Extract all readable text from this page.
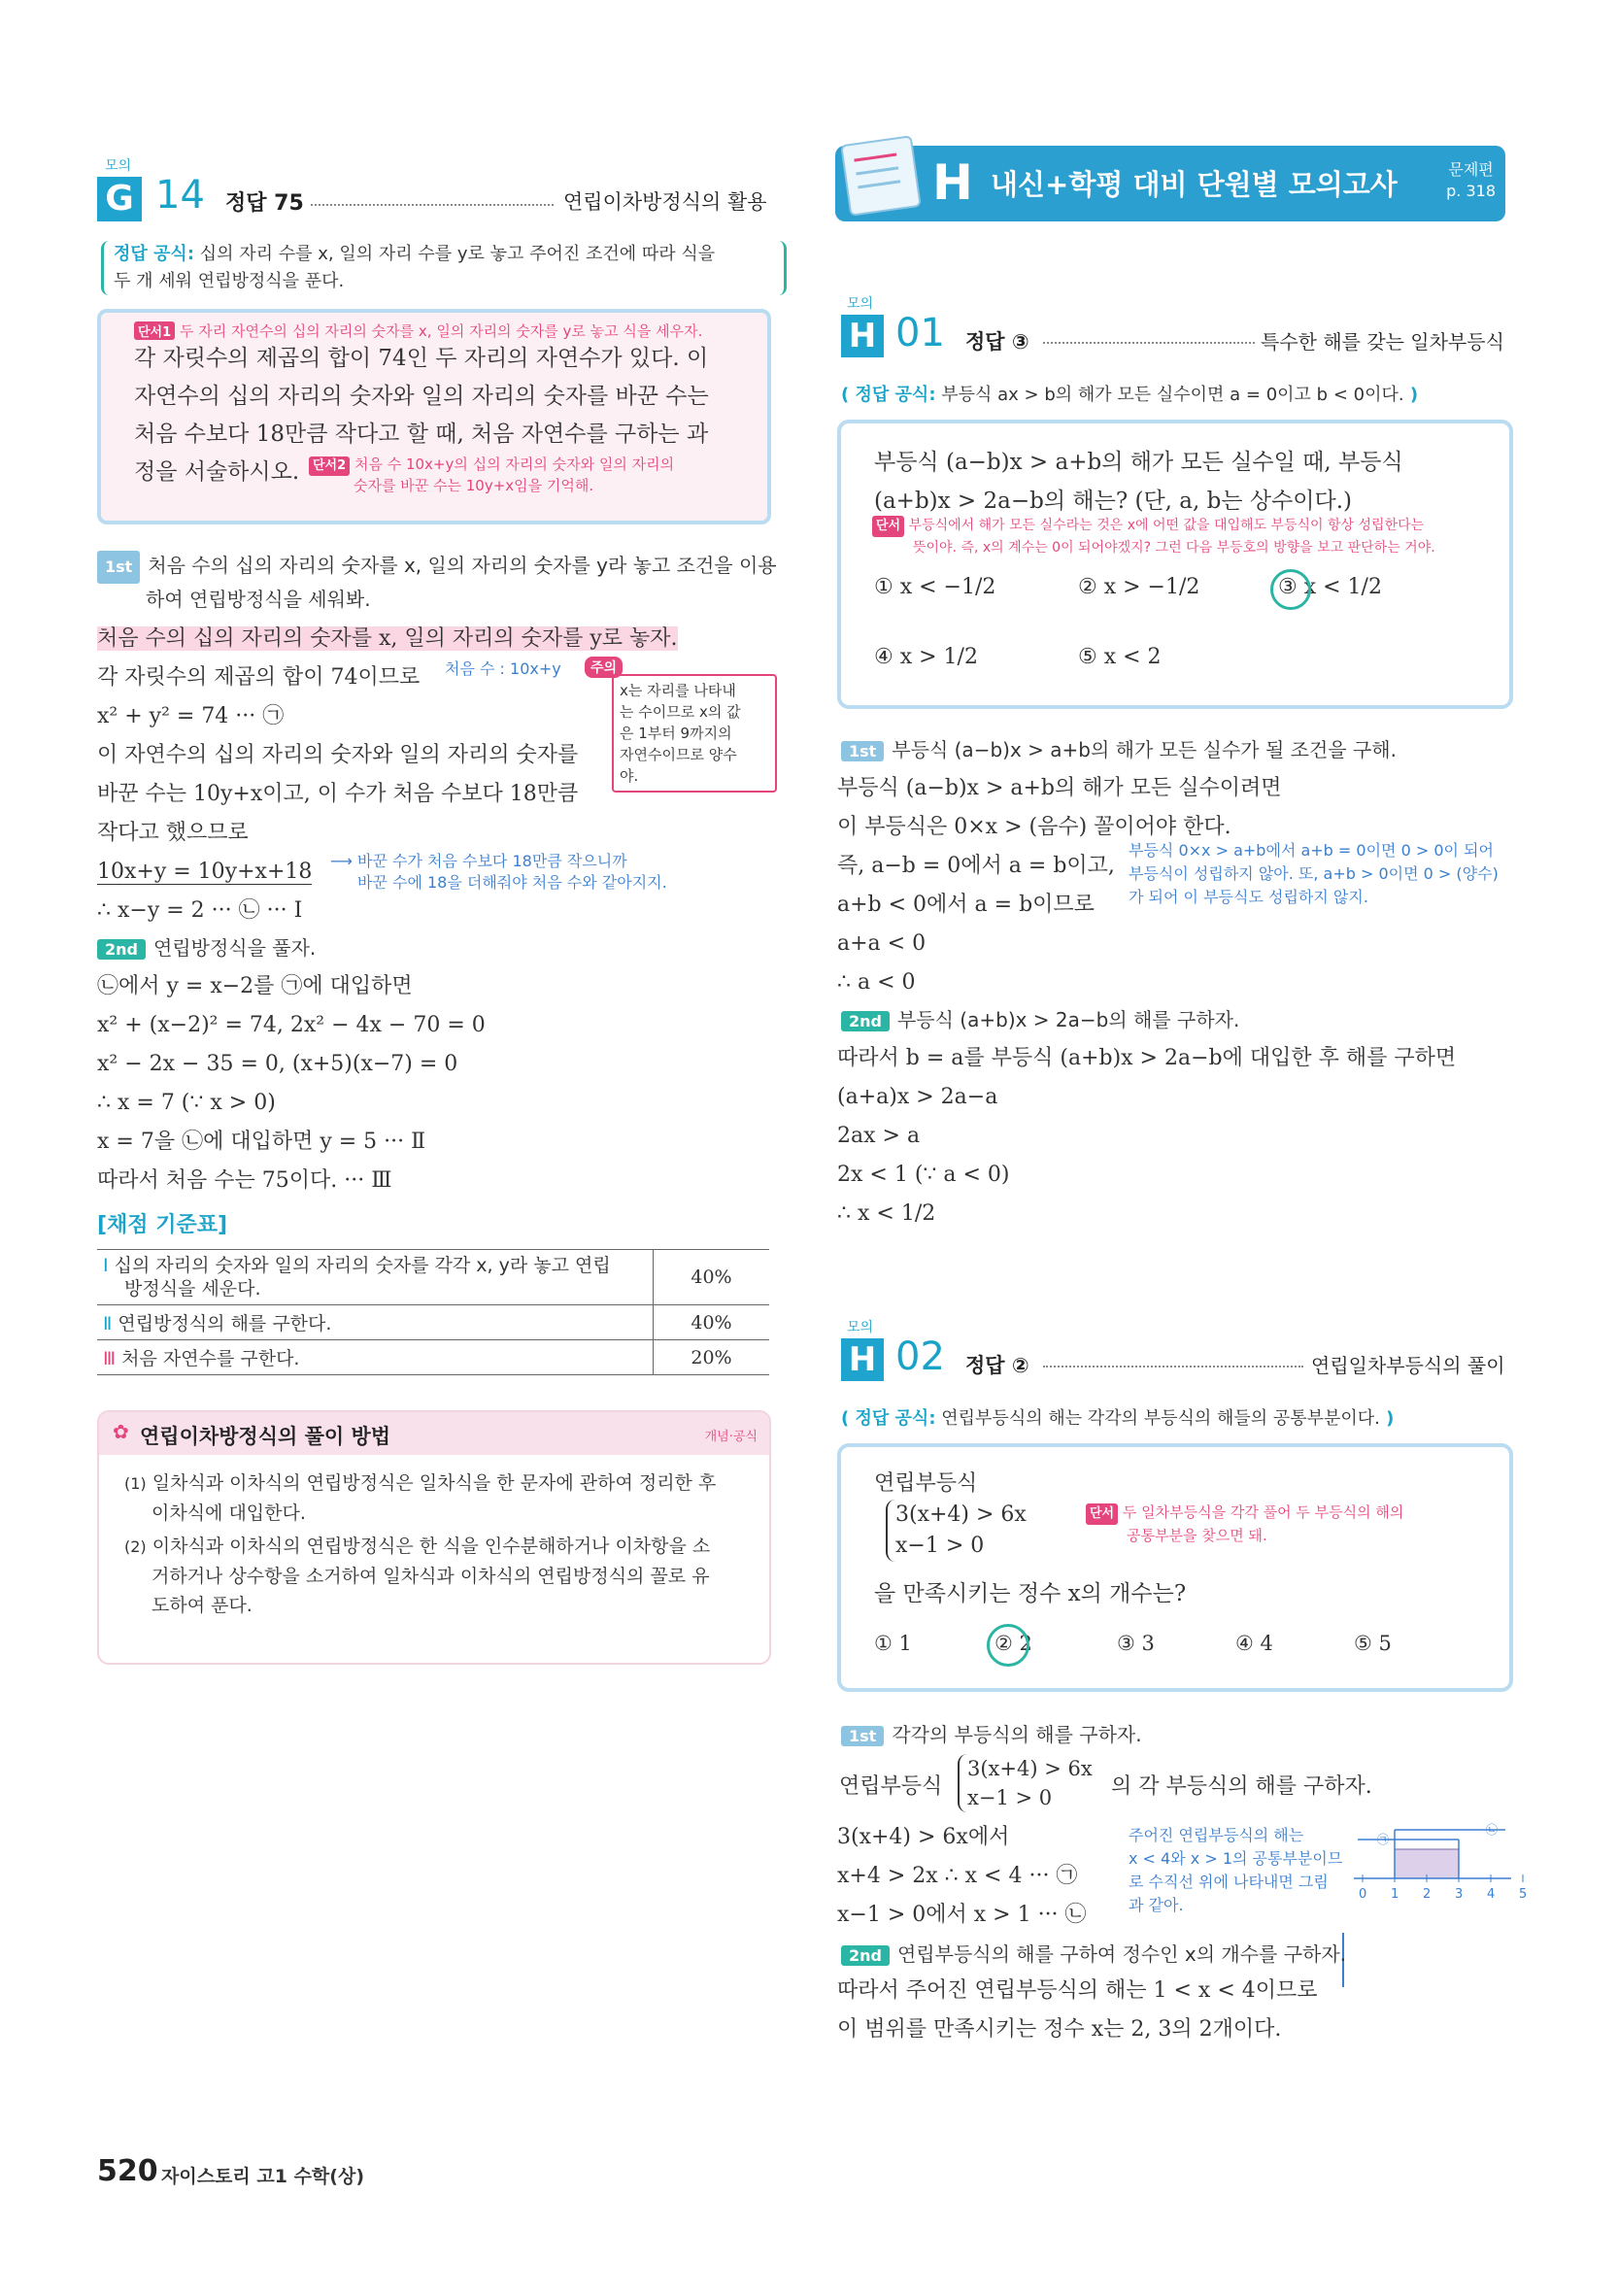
모의
G 14 정답 75	연립이차방정식의 활용
정답 공식: 십의 자리 수를 x, 일의 자리 수를 y로 놓고 주어진 조건에 따라 식을
두 개 세워 연립방정식을 푼다.
단서1 두 자리 자연수의 십의 자리의 숫자를 x, 일의 자리의 숫자를 y로 놓고 식을 세우자.
각 자릿수의 제곱의 합이 74인 두 자리의 자연수가 있다. 이
자연수의 십의 자리의 숫자와 일의 자리의 숫자를 바꾼 수는
처음 수보다 18만큼 작다고 할 때, 처음 자연수를 구하는 과
정을 서술하시오.	단서2 처음 수 10x+y의 십의 자리의 숫자와 일의 자리의
숫자를 바꾼 수는 10y+x임을 기억해.
1st 처음 수의 십의 자리의 숫자를 x, 일의 자리의 숫자를 y라 놓고 조건을 이용
하여 연립방정식을 세워봐.
처음 수의 십의 자리의 숫자를 x, 일의 자리의 숫자를 y로 놓자.
각 자릿수의 제곱의 합이 74이므로
x² + y² = 74 ··· ㉠
이 자연수의 십의 자리의 숫자와 일의 자리의 숫자를
바꾼 수는 10y+x이고, 이 수가 처음 수보다 18만큼
작다고 했으므로
10x+y = 10y+x+18
∴ x−y = 2 ··· ㉡ ··· Ⅰ
처음 수 : 10x+y	주의
x는 자리를 나타내
는 수이므로 x의 값
은 1부터 9까지의
자연수이므로 양수
야.
⟶ 바꾼 수가 처음 수보다 18만큼 작으니까
바꾼 수에 18을 더해줘야 처음 수와 같아지지.
2nd 연립방정식을 풀자.
㉡에서 y = x−2를 ㉠에 대입하면
x² + (x−2)² = 74, 2x² − 4x − 70 = 0
x² − 2x − 35 = 0, (x+5)(x−7) = 0
∴ x = 7 (∵ x > 0)
x = 7을 ㉡에 대입하면 y = 5 ··· Ⅱ
따라서 처음 수는 75이다. ··· Ⅲ
[채점 기준표]
Ⅰ 십의 자리의 숫자와 일의 자리의 숫자를 각각 x, y라 놓고 연립
방정식을 세운다.	40%
Ⅱ 연립방정식의 해를 구한다.	40%
Ⅲ 처음 자연수를 구한다.	20%
✿ 연립이차방정식의 풀이 방법	개념·공식
(1) 일차식과 이차식의 연립방정식은 일차식을 한 문자에 관하여 정리한 후
이차식에 대입한다.
(2) 이차식과 이차식의 연립방정식은 한 식을 인수분해하거나 이차항을 소
거하거나 상수항을 소거하여 일차식과 이차식의 연립방정식의 꼴로 유
도하여 푼다.
H 내신+학평 대비 단원별 모의고사	문제편
p. 318
모의
H 01 정답 ③	특수한 해를 갖는 일차부등식
( 정답 공식: 부등식 ax > b의 해가 모든 실수이면 a = 0이고 b < 0이다. )
부등식 (a−b)x > a+b의 해가 모든 실수일 때, 부등식
(a+b)x > 2a−b의 해는? (단, a, b는 상수이다.)
단서 부등식에서 해가 모든 실수라는 것은 x에 어떤 값을 대입해도 부등식이 항상 성립한다는
뜻이야. 즉, x의 계수는 0이 되어야겠지? 그런 다음 부등호의 방향을 보고 판단하는 거야.
① x < −1/2	② x > −1/2	③ x < 1/2
④ x > 1/2	⑤ x < 2
1st 부등식 (a−b)x > a+b의 해가 모든 실수가 될 조건을 구해.
부등식 (a−b)x > a+b의 해가 모든 실수이려면
이 부등식은 0×x > (음수) 꼴이어야 한다.
즉, a−b = 0에서 a = b이고,
a+b < 0에서 a = b이므로
a+a < 0
∴ a < 0
부등식 0×x > a+b에서 a+b = 0이면 0 > 0이 되어
부등식이 성립하지 않아. 또, a+b > 0이면 0 > (양수)
가 되어 이 부등식도 성립하지 않지.
2nd 부등식 (a+b)x > 2a−b의 해를 구하자.
따라서 b = a를 부등식 (a+b)x > 2a−b에 대입한 후 해를 구하면
(a+a)x > 2a−a
2ax > a
2x < 1 (∵ a < 0)
∴ x < 1/2
모의
H 02 정답 ②	연립일차부등식의 풀이
( 정답 공식: 연립부등식의 해는 각각의 부등식의 해들의 공통부분이다. )
연립부등식
3(x+4) > 6x
x−1 > 0
단서 두 일차부등식을 각각 풀어 두 부등식의 해의
공통부분을 찾으면 돼.
을 만족시키는 정수 x의 개수는?
① 1	② 2	③ 3	④ 4	⑤ 5
1st 각각의 부등식의 해를 구하자.
연립부등식
3(x+4) > 6x
x−1 > 0	의 각 부등식의 해를 구하자.
3(x+4) > 6x에서
x+4 > 2x ∴ x < 4 ··· ㉠
x−1 > 0에서 x > 1 ··· ㉡
주어진 연립부등식의 해는
x < 4와 x > 1의 공통부분이므
로 수직선 위에 나타내면 그림
과 같아.
0 1 2 3 4 5
㉠
㉡
2nd 연립부등식의 해를 구하여 정수인 x의 개수를 구하자.
따라서 주어진 연립부등식의 해는 1 < x < 4이므로
이 범위를 만족시키는 정수 x는 2, 3의 2개이다.
520 자이스토리 고1 수학(상)
